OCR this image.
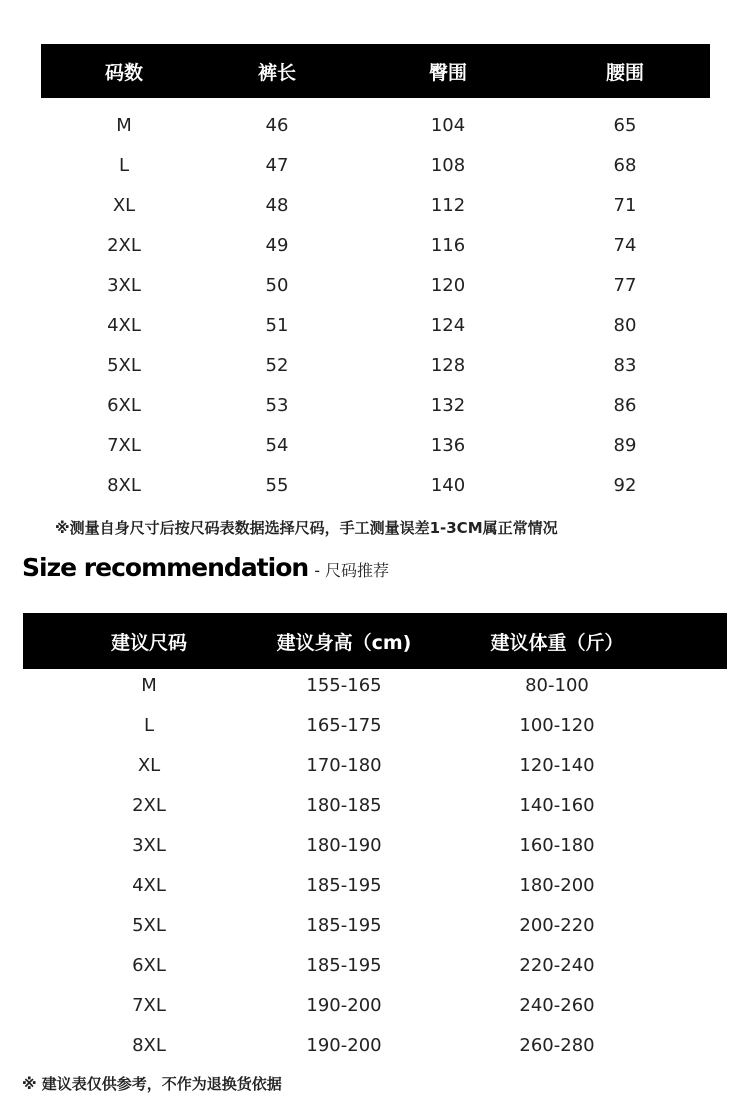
码数	裤长	臀围	腰围
M	46	104	65
L	47	108	68
XL	48	112	71
2XL	49	116	74
3XL	50	120	77
4XL	51	124	80
5XL	52	128	83
6XL	53	132	86
7XL	54	136	89
8XL	55	140	92
※测量自身尺寸后按尺码表数据选择尺码，手工测量误差1-3CM属正常情况
Size recommendation - 尺码推荐
建议尺码	建议身高（cm)	建议体重（斤）
M	155-165	80-100
L	165-175	100-120
XL	170-180	120-140
2XL	180-185	140-160
3XL	180-190	160-180
4XL	185-195	180-200
5XL	185-195	200-220
6XL	185-195	220-240
7XL	190-200	240-260
8XL	190-200	260-280
※ 建议表仅供参考，不作为退换货依据
